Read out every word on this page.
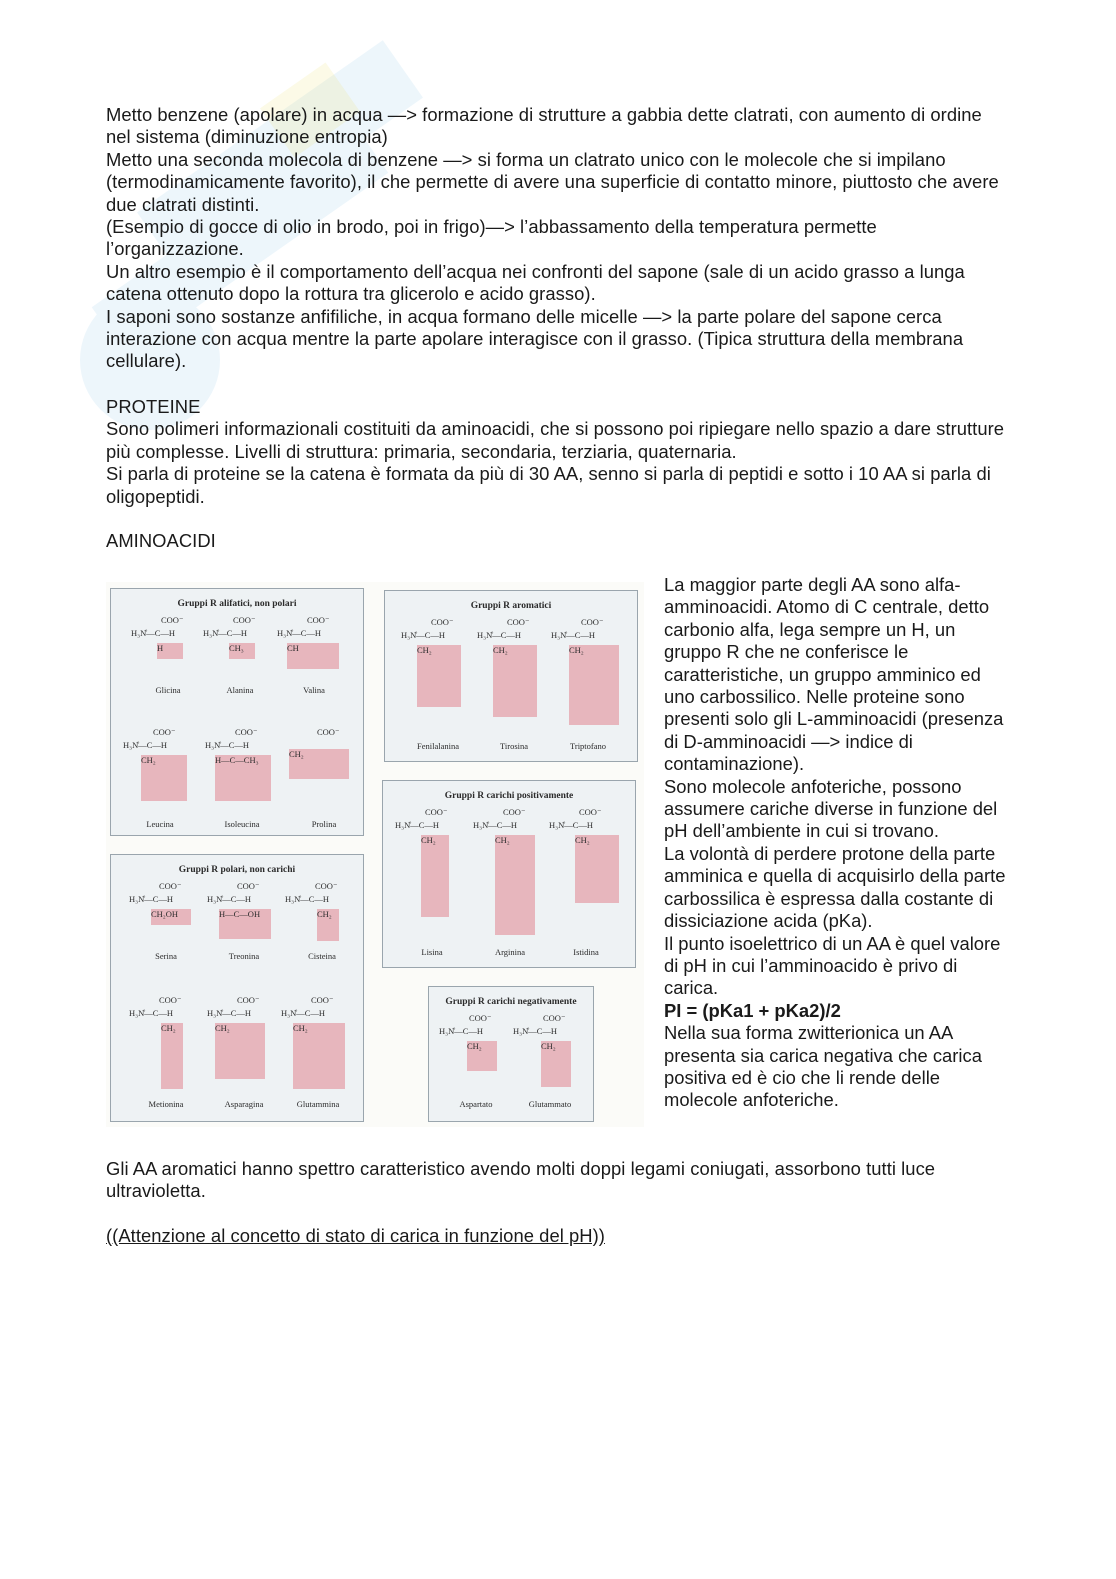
Metto benzene (apolare) in acqua —> formazione di strutture a gabbia dette clatrati, con aumento di ordine nel sistema (diminuzione entropia)

Metto una seconda molecola di benzene —> si forma un clatrato unico con le molecole che si impilano (termodinamicamente favorito), il che permette di avere una superficie di contatto minore, piuttosto che avere due clatrati distinti.

(Esempio di gocce di olio in brodo, poi in frigo)—> l’abbassamento della temperatura permette l’organizzazione.

Un altro esempio è il comportamento dell’acqua nei confronti del sapone (sale di un acido grasso a lunga catena ottenuto dopo la rottura tra glicerolo e acido grasso).

I saponi sono sostanze anfifiliche, in acqua formano delle micelle —> la parte polare del sapone cerca interazione con acqua mentre la parte apolare interagisce con il grasso. (Tipica struttura della membrana cellulare).

PROTEINE

Sono polimeri informazionali costituiti da aminoacidi, che si possono poi ripiegare nello spazio a dare strutture più complesse. Livelli di struttura: primaria, secondaria, terziaria, quaternaria.

Si parla di proteine se la catena è formata da più di 30 AA, senno si parla di peptidi e sotto i 10 AA si parla di oligopeptidi.

AMINOACIDI

Gruppi R alifatici, non polari
COO⁻
H₃N̊—C—H
H
Glicina
COO⁻
H₃N̊—C—H
CH₃
Alanina
COO⁻
H₃N̊—C—H
CH
Valina
COO⁻
H₃N̊—C—H
CH₂
Leucina
COO⁻
H₃N̊—C—H
H—C—CH₃
Isoleucina
COO⁻
CH₂
Prolina
Gruppi R aromatici
COO⁻
H₃N̊—C—H
CH₂
Fenilalanina
COO⁻
H₃N̊—C—H
CH₂
Tirosina
COO⁻
H₃N̊—C—H
CH₂
Triptofano
Gruppi R carichi positivamente
COO⁻
H₃N̊—C—H
CH₂
Lisina
COO⁻
H₃N̊—C—H
CH₂
Arginina
COO⁻
H₃N̊—C—H
CH₂
Istidina
Gruppi R polari, non carichi
COO⁻
H₃N̊—C—H
CH₂OH
Serina
COO⁻
H₃N̊—C—H
H—C—OH
Treonina
COO⁻
H₃N̊—C—H
CH₂
Cisteina
COO⁻
H₃N̊—C—H
CH₂
Metionina
COO⁻
H₃N̊—C—H
CH₂
Asparagina
COO⁻
H₃N̊—C—H
CH₂
Glutammina
Gruppi R carichi negativamente
COO⁻
H₃N̊—C—H
CH₂
Aspartato
COO⁻
H₃N̊—C—H
CH₂
Glutammato

La maggior parte degli AA sono alfa-amminoacidi. Atomo di C centrale, detto carbonio alfa, lega sempre un H, un gruppo R che ne conferisce le caratteristiche, un gruppo amminico ed uno carbossilico. Nelle proteine sono presenti solo gli L-amminoacidi (presenza di D-amminoacidi —> indice di contaminazione).

Sono molecole anfoteriche, possono assumere cariche diverse in funzione del pH dell’ambiente in cui si trovano.

La volontà di perdere protone della parte amminica e quella di acquisirlo della parte carbossilica è espressa dalla costante di dissiciazione acida (pKa).

Il punto isoelettrico di un AA è quel valore di pH in cui l’amminoacido è privo di carica.

PI = (pKa1 + pKa2)/2

Nella sua forma zwitterionica un AA presenta sia carica negativa che carica positiva ed è cio che li rende delle molecole anfoteriche.

Gli AA aromatici hanno spettro caratteristico avendo molti doppi legami coniugati, assorbono tutti luce ultravioletta.

((Attenzione al concetto di stato di carica in funzione del pH))
